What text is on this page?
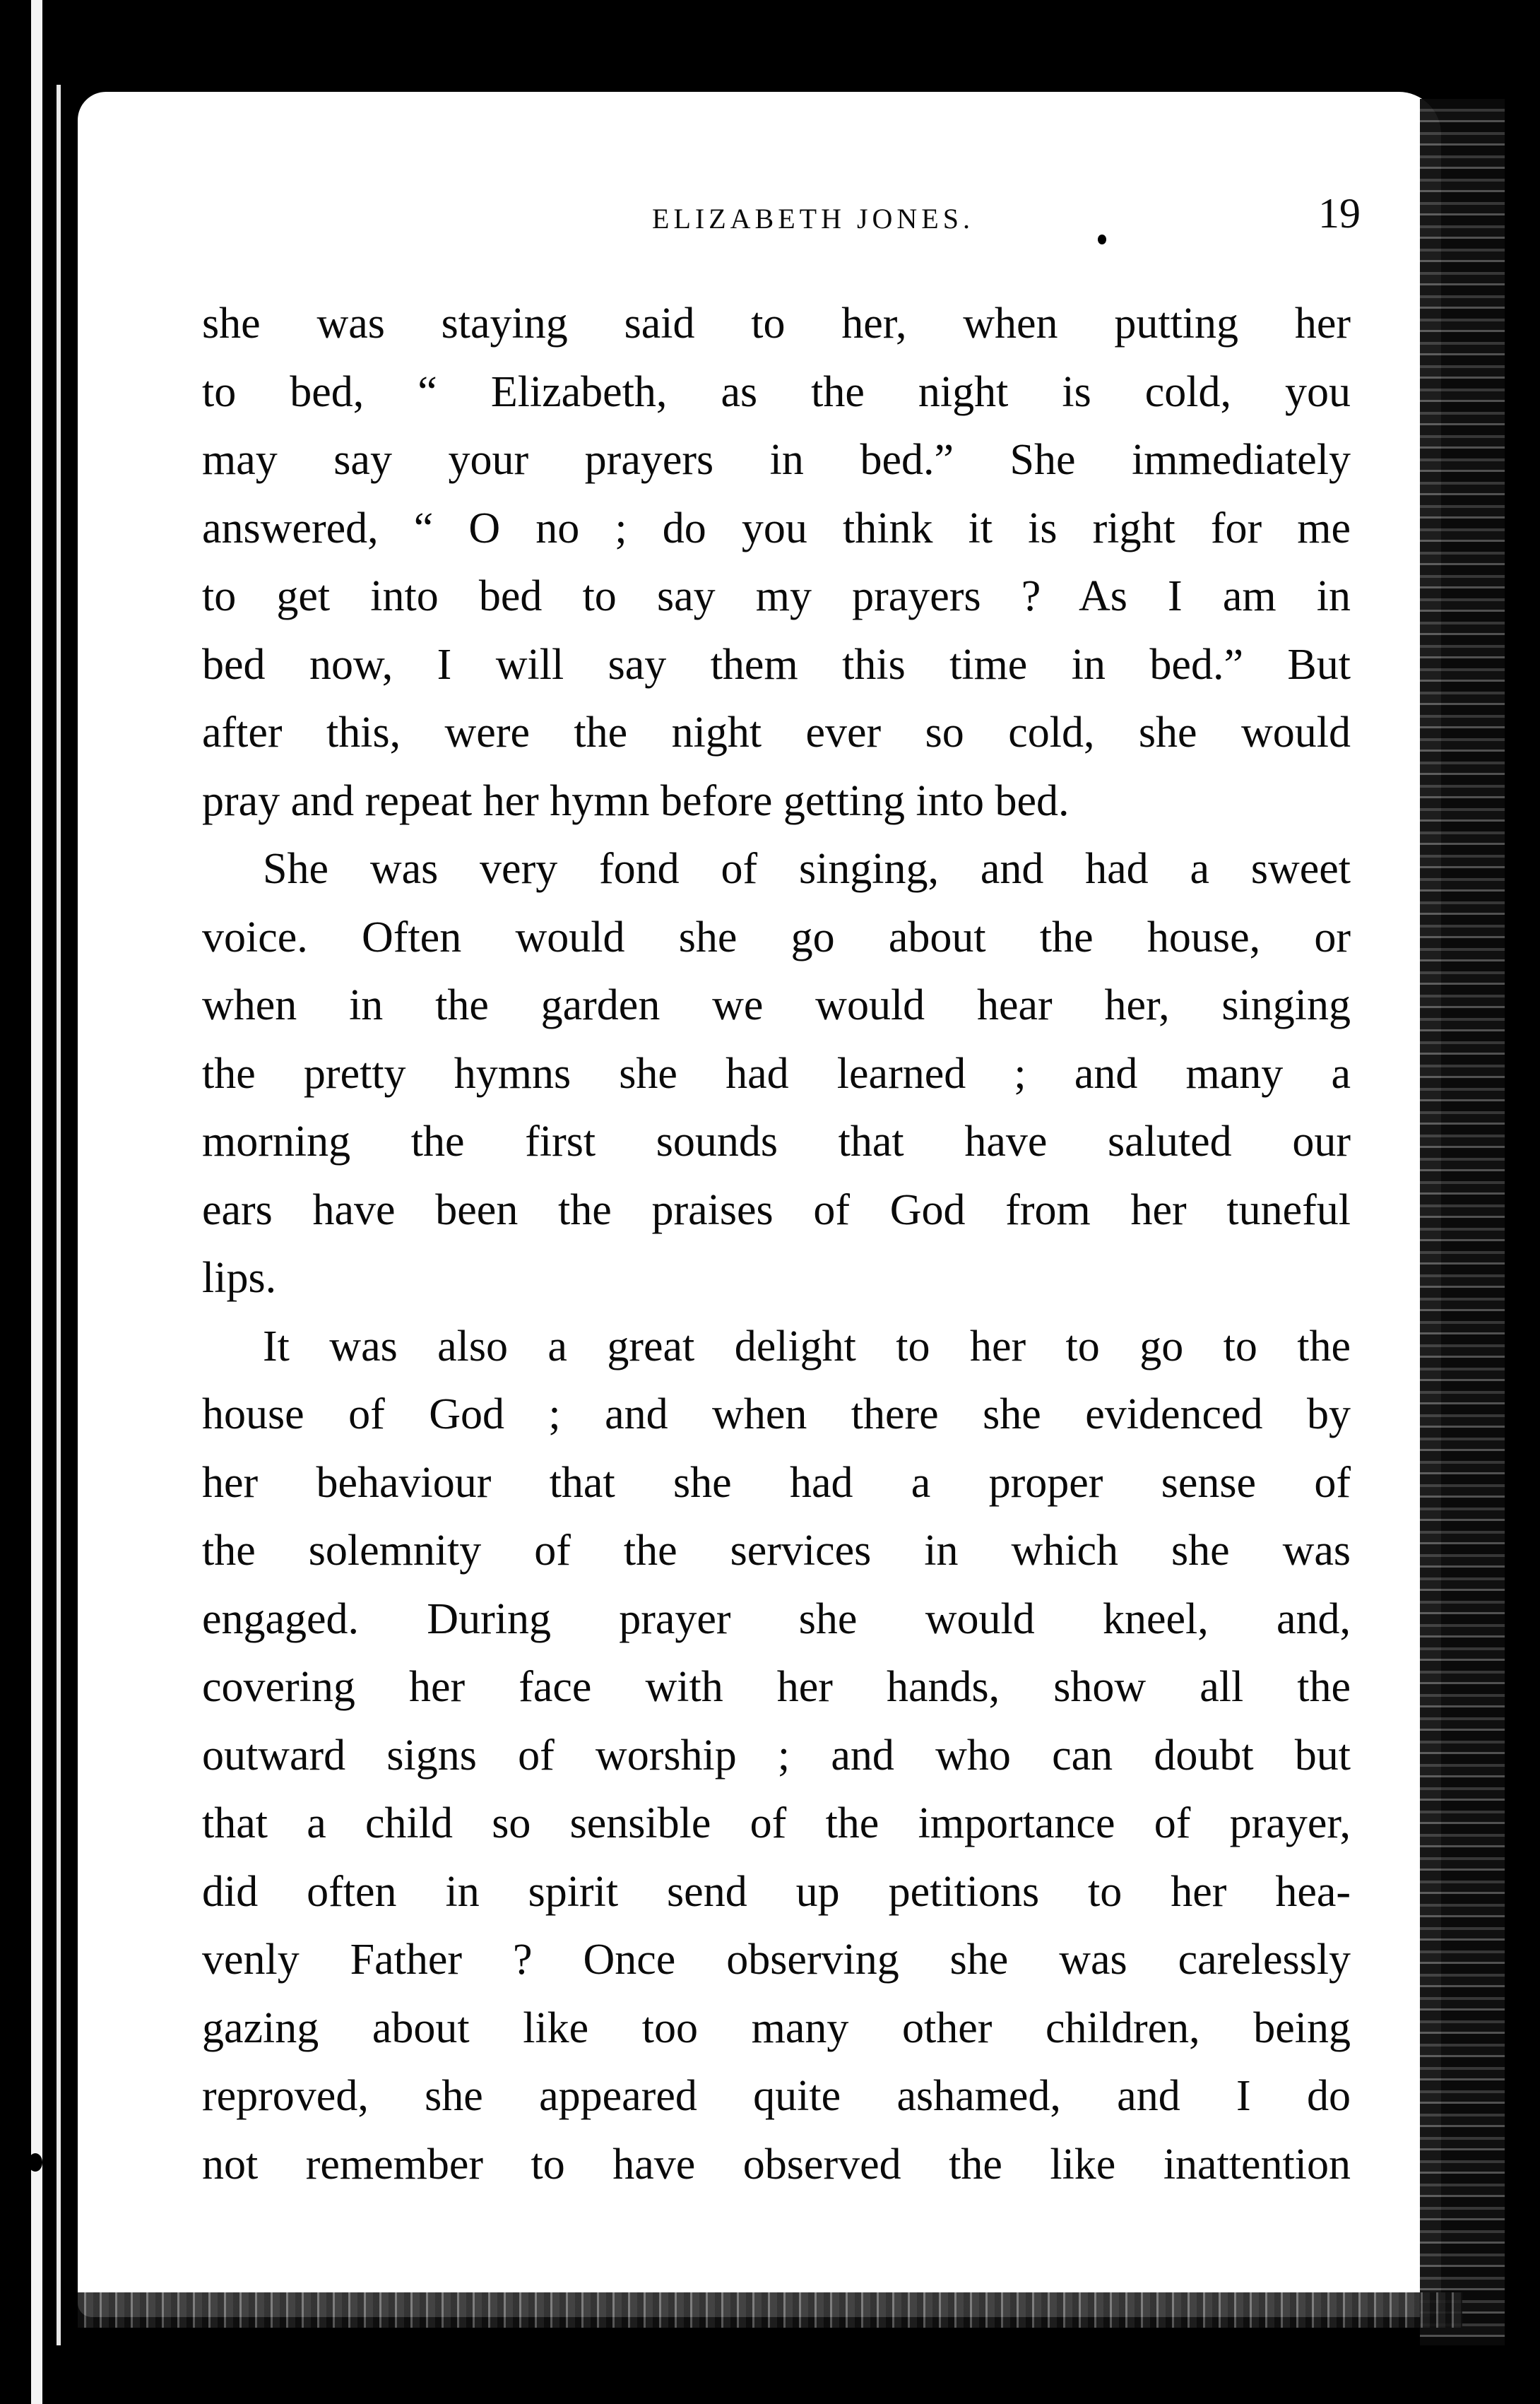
ELIZABETH JONES.	19
she was staying said to her, when putting her
to bed, “ Elizabeth, as the night is cold, you
may say your prayers in bed.” She immediately
answered, “ O no ; do you think it is right for me
to get into bed to say my prayers ? As I am in
bed now, I will say them this time in bed.” But
after this, were the night ever so cold, she would
pray and repeat her hymn before getting into bed.
She was very fond of singing, and had a sweet
voice. Often would she go about the house, or
when in the garden we would hear her, singing
the pretty hymns she had learned ; and many a
morning the first sounds that have saluted our
ears have been the praises of God from her tuneful
lips.
It was also a great delight to her to go to the
house of God ; and when there she evidenced by
her behaviour that she had a proper sense of
the solemnity of the services in which she was
engaged. During prayer she would kneel, and,
covering her face with her hands, show all the
outward signs of worship ; and who can doubt but
that a child so sensible of the importance of prayer,
did often in spirit send up petitions to her hea-
venly Father ? Once observing she was carelessly
gazing about like too many other children, being
reproved, she appeared quite ashamed, and I do
not remember to have observed the like inattention
